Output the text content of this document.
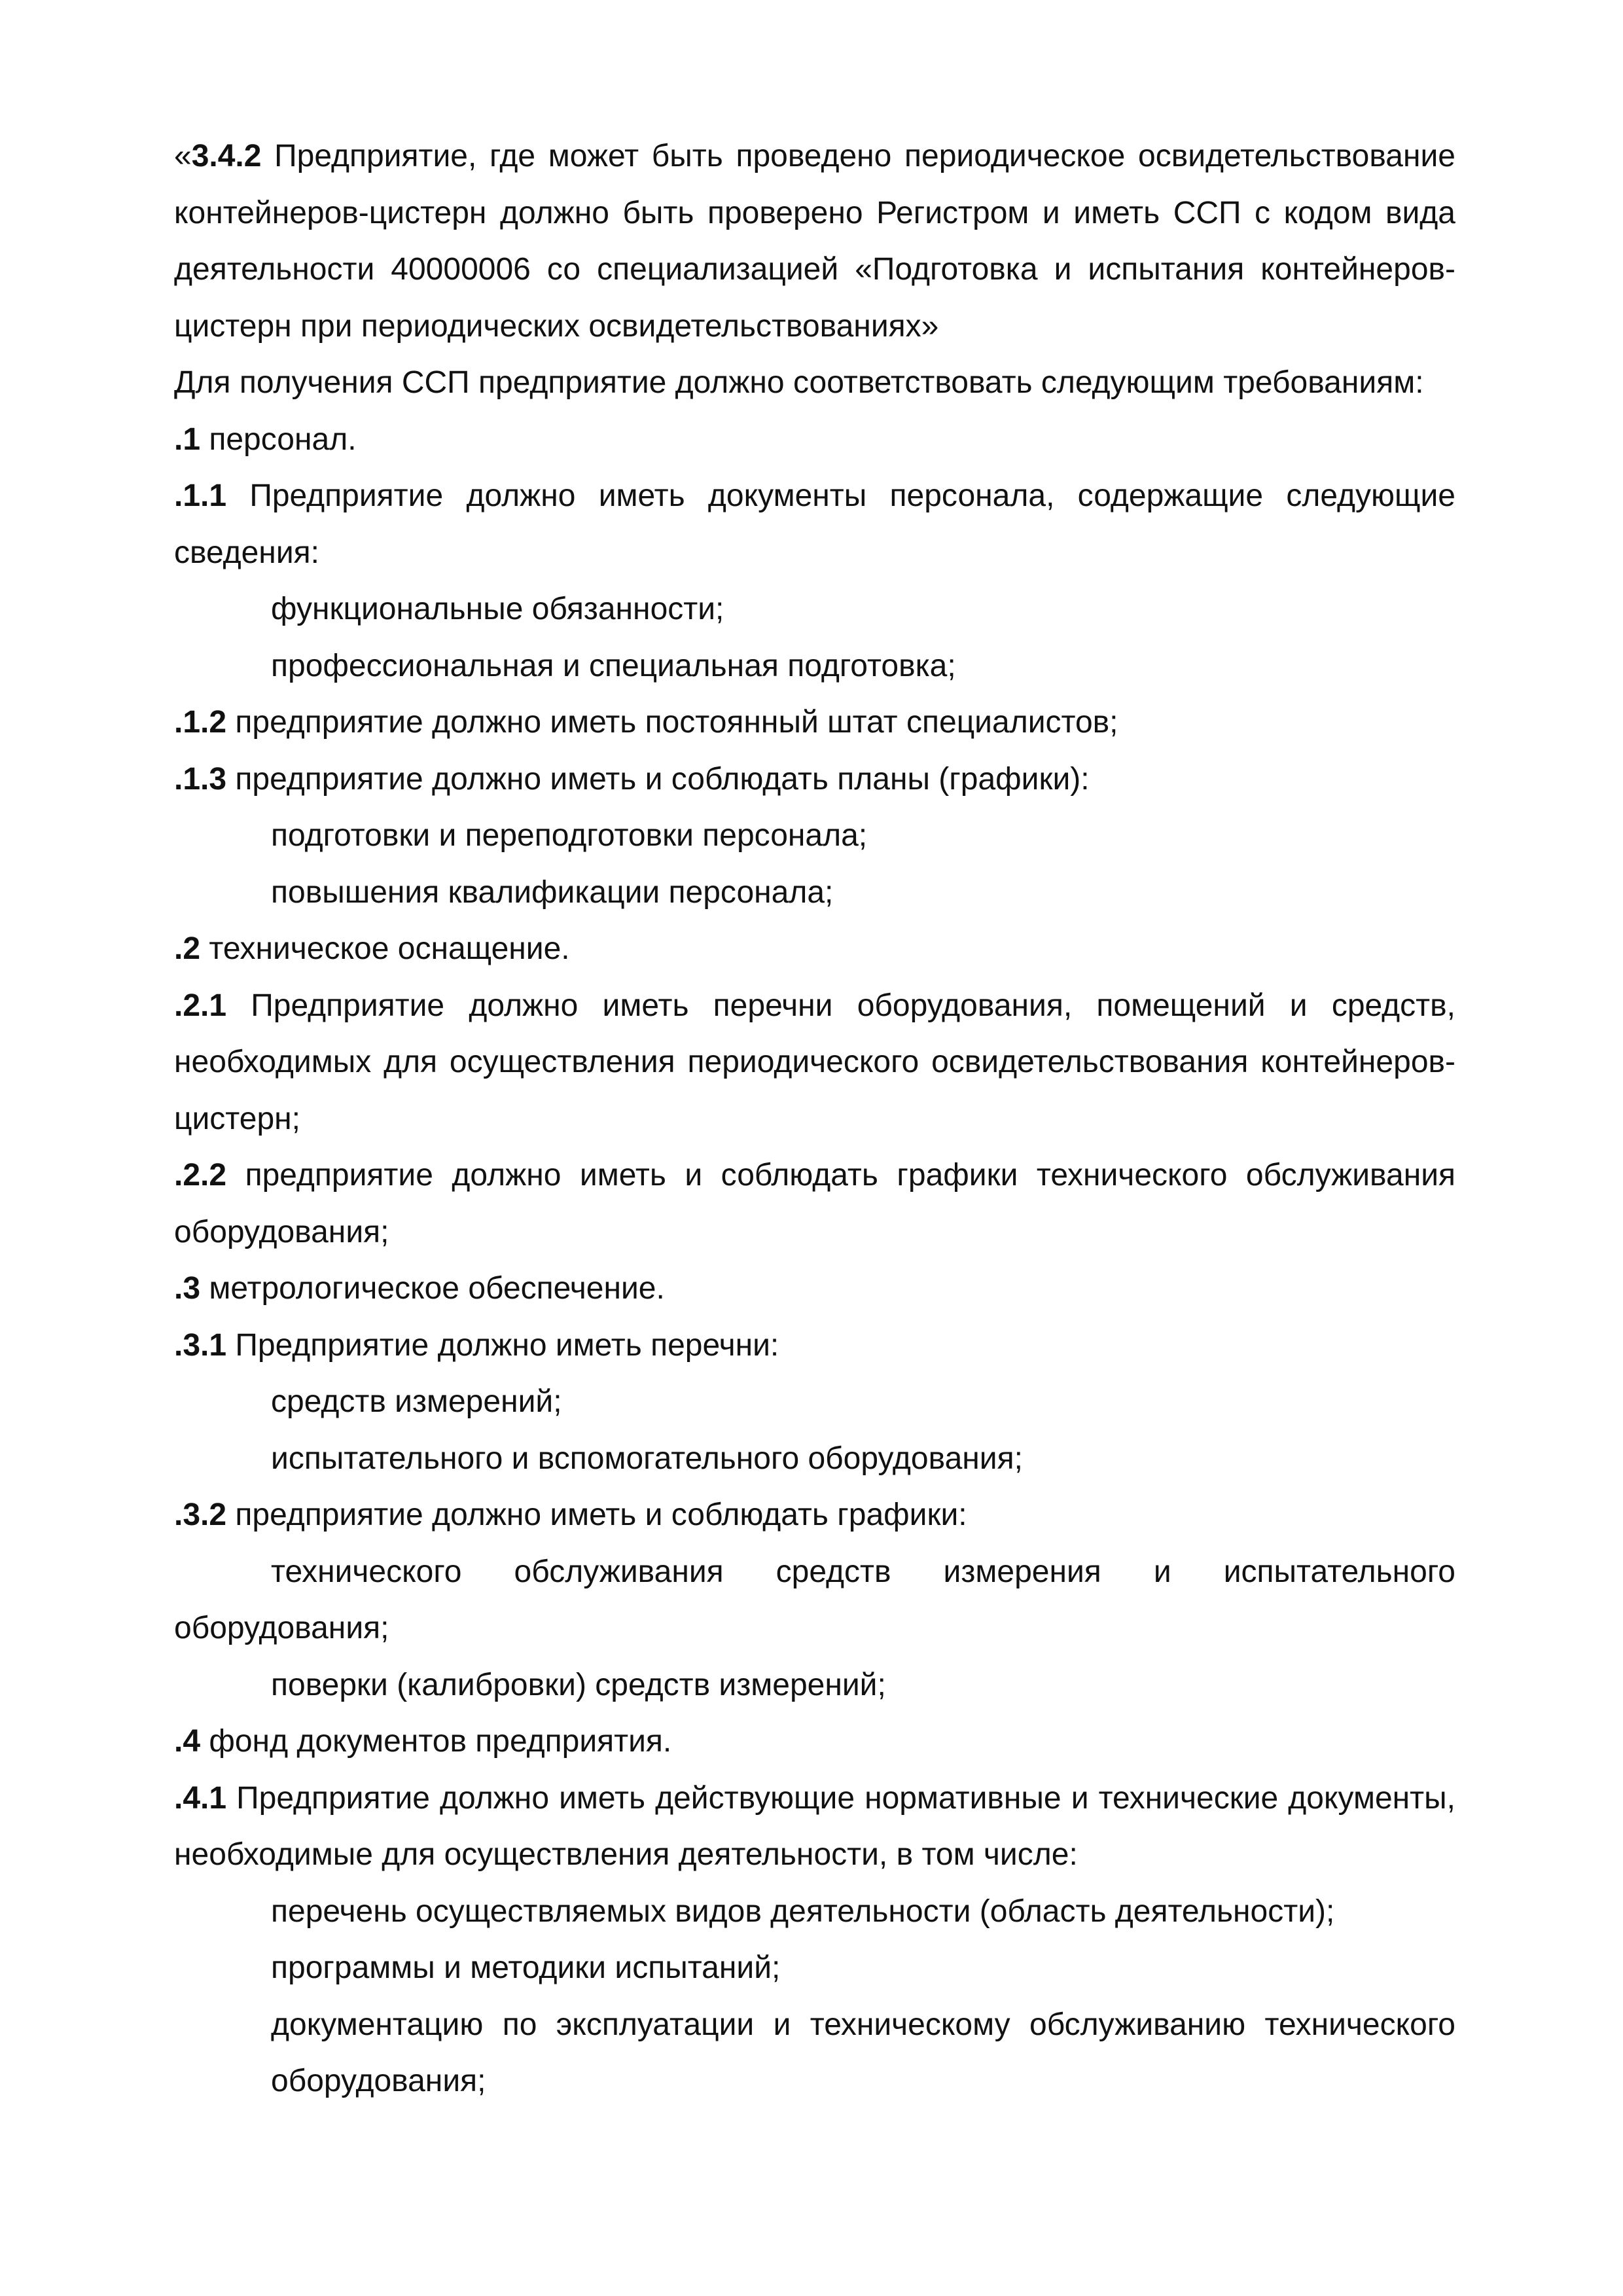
«3.4.2 Предприятие, где может быть проведено периодическое освидетельствование контейнеров-цистерн должно быть проверено Регистром и иметь ССП с кодом вида деятельности 40000006 со специализацией «Подготовка и испытания контейнеров-цистерн при периодических освидетельствованиях»

Для получения ССП предприятие должно соответствовать следующим требованиям:

.1 персонал.

.1.1 Предприятие должно иметь документы персонала, содержащие следующие сведения:

функциональные обязанности;

профессиональная и специальная подготовка;

.1.2 предприятие должно иметь постоянный штат специалистов;

.1.3 предприятие должно иметь и соблюдать планы (графики):

подготовки и переподготовки персонала;

повышения квалификации персонала;

.2 техническое оснащение.

.2.1 Предприятие должно иметь перечни оборудования, помещений и средств, необходимых для осуществления периодического освидетельствования контейнеров-цистерн;

.2.2 предприятие должно иметь и соблюдать графики технического обслуживания оборудования;

.3 метрологическое обеспечение.

.3.1 Предприятие должно иметь перечни:

средств измерений;

испытательного и вспомогательного оборудования;

.3.2 предприятие должно иметь и соблюдать графики:

технического обслуживания средств измерения и испытательного оборудования;

поверки (калибровки) средств измерений;

.4 фонд документов предприятия.

.4.1 Предприятие должно иметь действующие нормативные и технические документы, необходимые для осуществления деятельности, в том числе:

перечень осуществляемых видов деятельности (область деятельности);

программы и методики испытаний;

документацию по эксплуатации и техническому обслуживанию технического оборудования;
